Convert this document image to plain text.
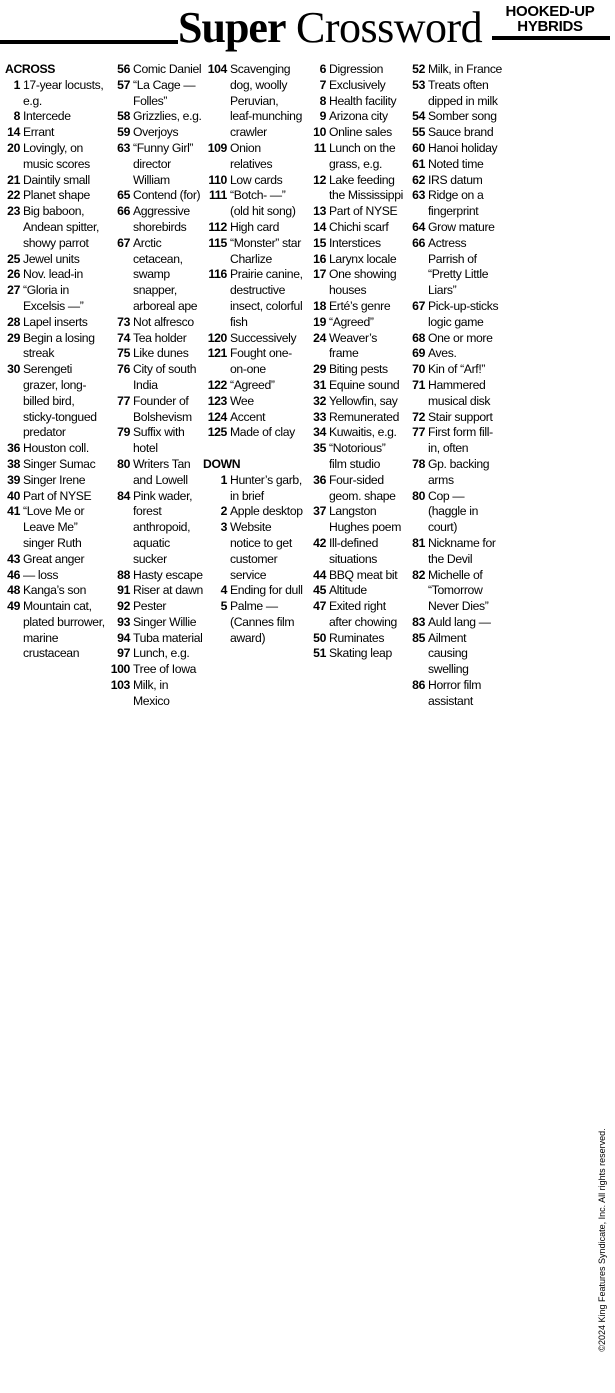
Super Crossword	HOOKED-UP
HYBRIDS
ACROSS
1 17-year locusts, e.g.
8 Intercede
14 Errant
20 Lovingly, on music scores
21 Daintily small
22 Planet shape
23 Big baboon, Andean spitter, showy parrot
25 Jewel units
26 Nov. lead-in
27 “Gloria in Excelsis —”
28 Lapel inserts
29 Begin a losing streak
30 Serengeti grazer, long-billed bird, sticky-tongued predator
36 Houston coll.
38 Singer Sumac
39 Singer Irene
40 Part of NYSE
41 “Love Me or Leave Me” singer Ruth
43 Great anger
46 — loss
48 Kanga’s son
49 Mountain cat, plated burrower, marine crustacean
56 Comic Daniel
57 “La Cage — Folles”
58 Grizzlies, e.g.
59 Overjoys
63 “Funny Girl” director William
65 Contend (for)
66 Aggressive shorebirds
67 Arctic cetacean, swamp snapper, arboreal ape
73 Not alfresco
74 Tea holder
75 Like dunes
76 City of south India
77 Founder of Bolshevism
79 Suffix with hotel
80 Writers Tan and Lowell
84 Pink wader, forest anthropoid, aquatic sucker
88 Hasty escape
91 Riser at dawn
92 Pester
93 Singer Willie
94 Tuba material
97 Lunch, e.g.
100 Tree of Iowa
103 Milk, in Mexico
104 Scavenging dog, woolly Peruvian, leaf-munching crawler
109 Onion relatives
110 Low cards
111 “Botch- —” (old hit song)
112 High card
115 “Monster” star Charlize
116 Prairie canine, destructive insect, colorful fish
120 Successively
121 Fought one-on-one
122 “Agreed”
123 Wee
124 Accent
125 Made of clay
DOWN
1 Hunter’s garb, in brief
2 Apple desktop
3 Website notice to get customer service
4 Ending for dull
5 Palme — (Cannes film award)
6 Digression
7 Exclusively
8 Health facility
9 Arizona city
10 Online sales
11 Lunch on the grass, e.g.
12 Lake feeding the Mississippi
13 Part of NYSE
14 Chichi scarf
15 Interstices
16 Larynx locale
17 One showing houses
18 Erté’s genre
19 “Agreed”
24 Weaver’s frame
29 Biting pests
31 Equine sound
32 Yellowfin, say
33 Remunerated
34 Kuwaitis, e.g.
35 “Notorious” film studio
36 Four-sided geom. shape
37 Langston Hughes poem
42 Ill-defined situations
44 BBQ meat bit
45 Altitude
47 Exited right after chowing
50 Ruminates
51 Skating leap
52 Milk, in France
53 Treats often dipped in milk
54 Somber song
55 Sauce brand
60 Hanoi holiday
61 Noted time
62 IRS datum
63 Ridge on a fingerprint
64 Grow mature
66 Actress Parrish of “Pretty Little Liars”
67 Pick-up-sticks logic game
68 One or more
69 Aves.
70 Kin of “Arf!”
71 Hammered musical disk
72 Stair support
77 First form fill-in, often
78 Gp. backing arms
80 Cop — (haggle in court)
81 Nickname for the Devil
82 Michelle of “Tomorrow Never Dies”
83 Auld lang —
85 Ailment causing swelling
86 Horror film assistant
©2024 King Features Syndicate, Inc. All rights reserved.
